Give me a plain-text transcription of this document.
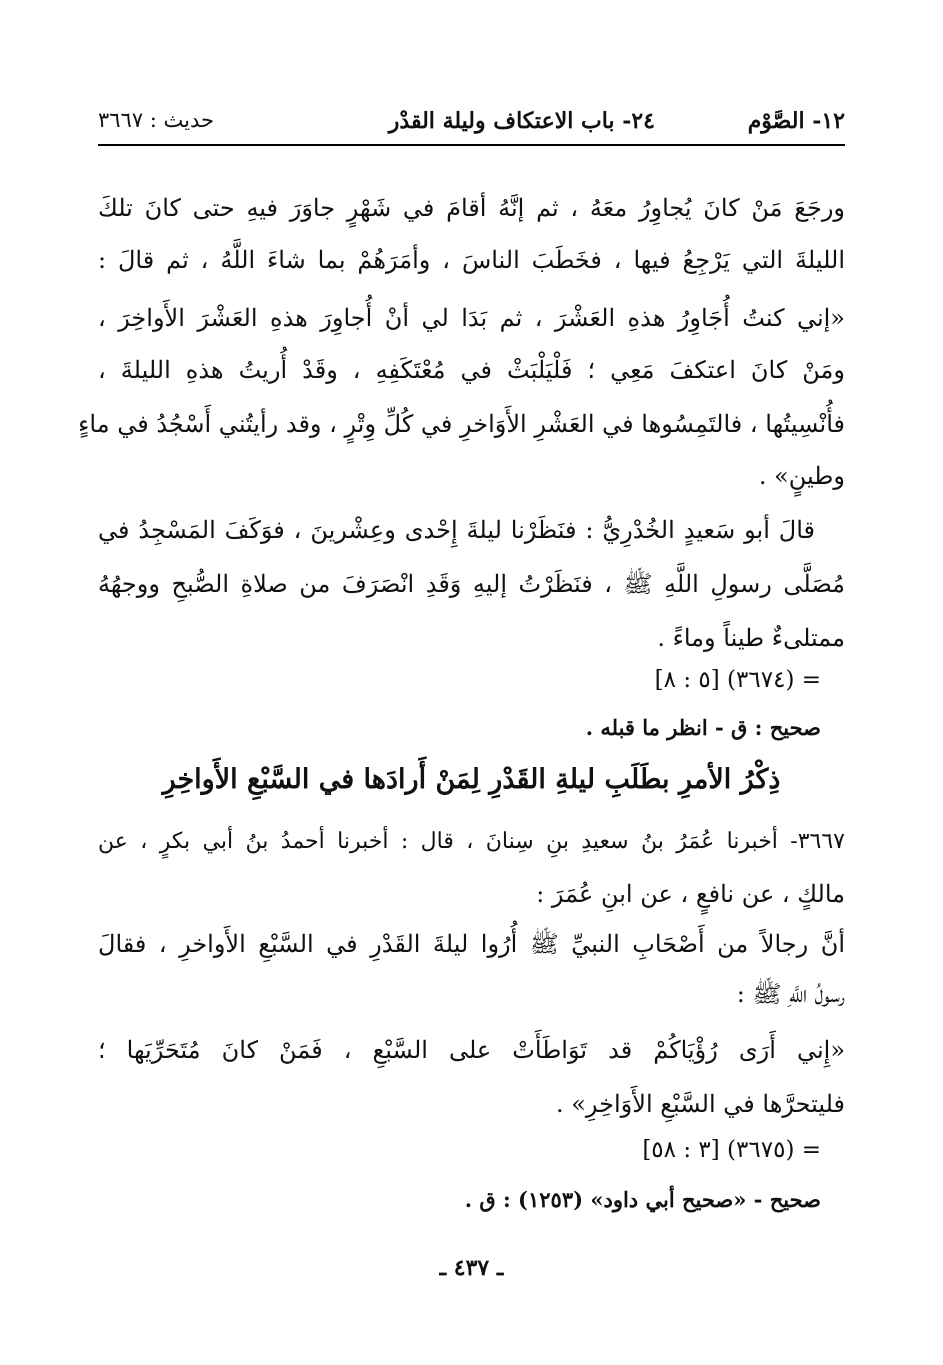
١٢- الصَّوْم
٢٤- باب الاعتكاف وليلة القدْر
حديث : ٣٦٦٧
ورجَعَ مَنْ كانَ يُجاوِرُ معَهُ ، ثم إنَّهُ أقامَ في شَهْرٍ جاوَرَ فيهِ حتى كانَ تلكَ
الليلةَ التي يَرْجِعُ فيها ، فخَطَبَ الناسَ ، وأمَرَهُمْ بما شاءَ اللَّهُ ، ثم قالَ :
«إني كنتُ أُجَاوِرُ هذهِ العَشْرَ ، ثم بَدَا لي أنْ أُجاوِرَ هذهِ العَشْرَ الأَواخِرَ ،
ومَنْ كانَ اعتكفَ مَعِي ؛ فَلْيَلْبَثْ في مُعْتَكَفِهِ ، وقَدْ أُريتُ هذهِ الليلةَ ،
فأُنْسِيتُها ، فالتَمِسُوها في العَشْرِ الأَوَاخرِ في كُلِّ وِتْرٍ ، وقد رأيتُني أَسْجُدُ في ماءٍ
وطينٍ» .
قالَ أبو سَعيدٍ الخُدْرِيُّ : فنَظَرْنا ليلةَ إِحْدى وعِشْرينَ ، فوَكَفَ المَسْجِدُ في
مُصَلَّى رسولِ اللَّهِ ﷺ ، فنَظَرْتُ إليهِ وَقَدِ انْصَرَفَ من صلاةِ الصُّبحِ ووجهُهُ
ممتلىءٌ طيناً وماءً .
= (٣٦٧٤) [٥ : ٨]
صحيح : ق - انظر ما قبله .
ذِكْرُ الأمرِ بطَلَبِ ليلةِ القَدْرِ لِمَنْ أَرادَها في السَّبْعِ الأَواخِرِ
٣٦٦٧- أخبرنا عُمَرُ بنُ سعيدِ بنِ سِنانَ ، قال : أخبرنا أحمدُ بنُ أبي بكرٍ ، عن
مالكٍ ، عن نافعٍ ، عن ابنِ عُمَرَ :
أنَّ رجالاً من أَصْحَابِ النبيِّ ﷺ أُرُوا ليلةَ القَدْرِ في السَّبْعِ الأَواخرِ ، فقالَ
رسولُ اللَّهِ ﷺ :
«إِني أَرَى رُؤْيَاكُمْ قد تَوَاطَأَتْ على السَّبْعِ ، فَمَنْ كانَ مُتَحَرِّيَها ؛
فليتحرَّها في السَّبْعِ الأَوَاخِرِ» .
= (٣٦٧٥) [٣ : ٥٨]
صحيح - «صحيح أبي داود» (١٢٥٣) : ق .
ـ ٤٣٧ ـ
